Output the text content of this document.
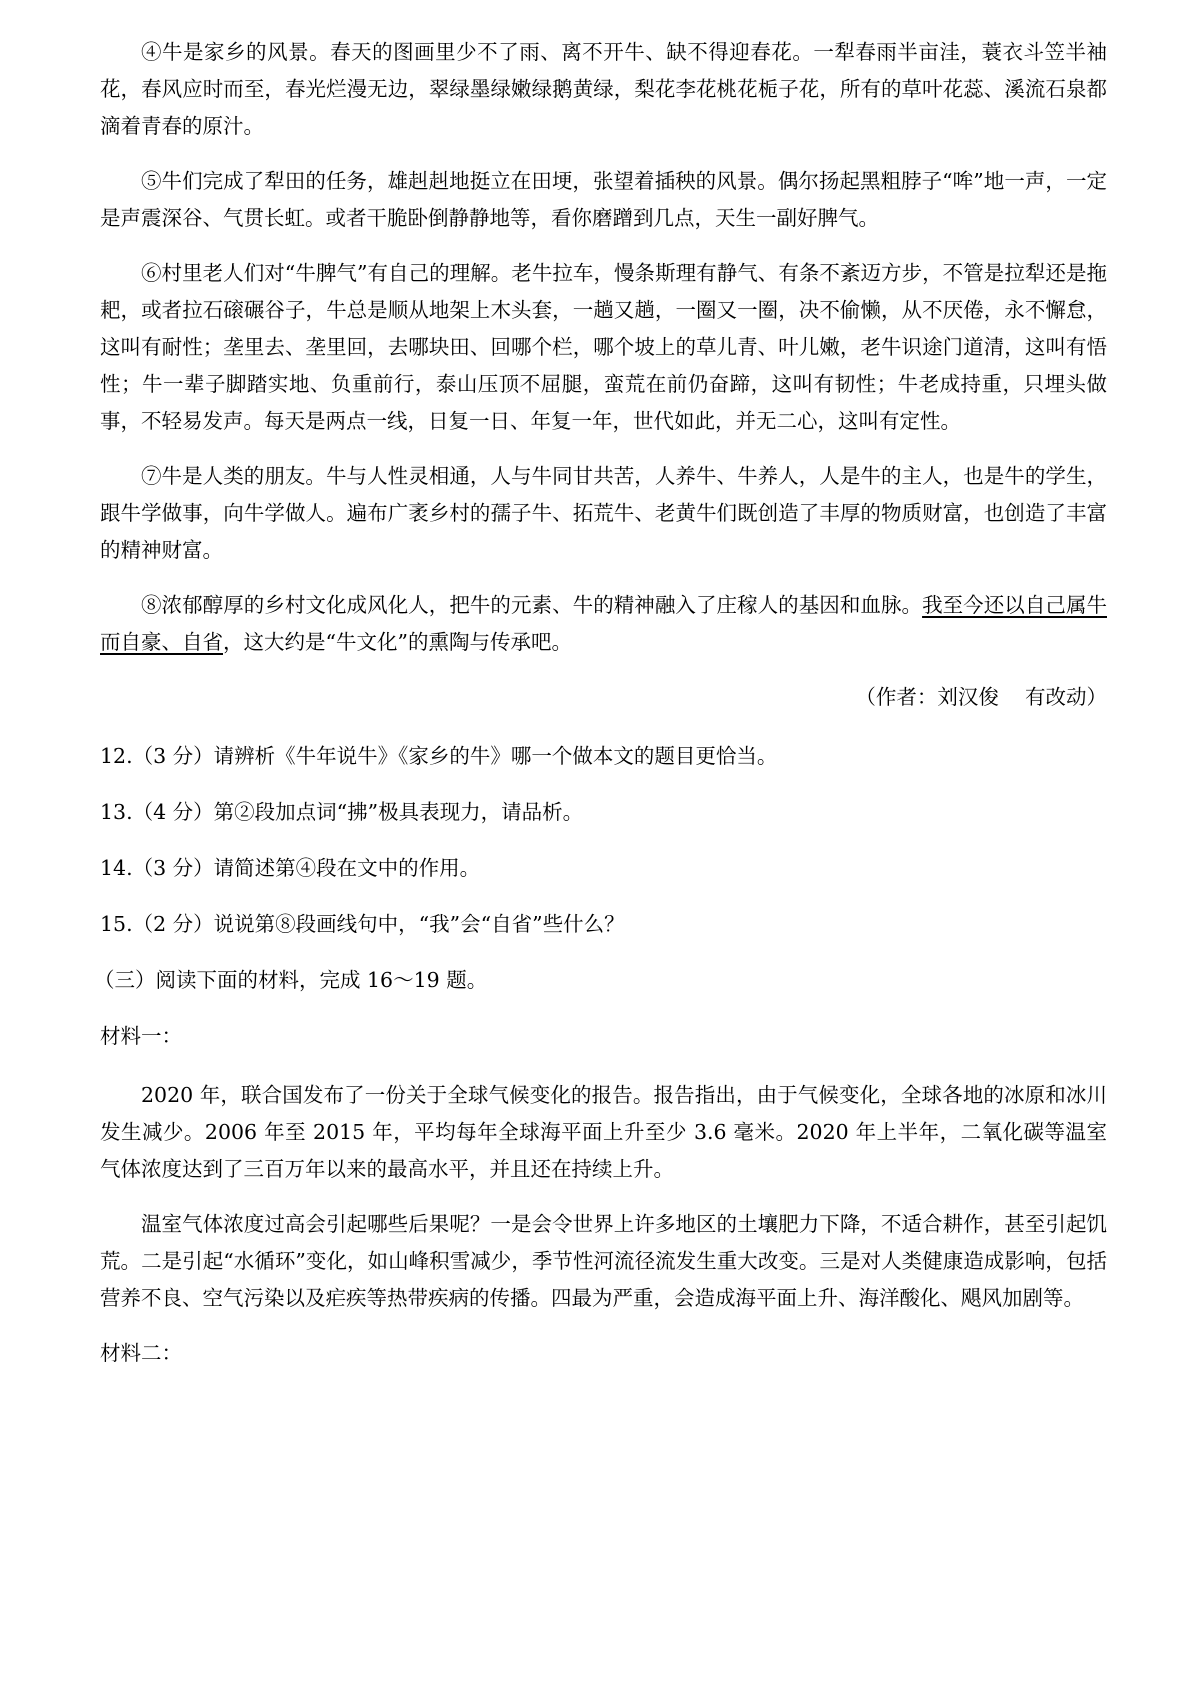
④牛是家乡的风景。春天的图画里少不了雨、离不开牛、缺不得迎春花。一犁春雨半亩洼，蓑衣斗笠半袖花，春风应时而至，春光烂漫无边，翠绿墨绿嫩绿鹅黄绿，梨花李花桃花栀子花，所有的草叶花蕊、溪流石泉都滴着青春的原汁。

⑤牛们完成了犁田的任务，雄赳赳地挺立在田埂，张望着插秧的风景。偶尔扬起黑粗脖子“哞”地一声，一定是声震深谷、气贯长虹。或者干脆卧倒静静地等，看你磨蹭到几点，天生一副好脾气。

⑥村里老人们对“牛脾气”有自己的理解。老牛拉车，慢条斯理有静气、有条不紊迈方步，不管是拉犁还是拖耙，或者拉石磙碾谷子，牛总是顺从地架上木头套，一趟又趟，一圈又一圈，决不偷懒，从不厌倦，永不懈怠，这叫有耐性；垄里去、垄里回，去哪块田、回哪个栏，哪个坡上的草儿青、叶儿嫩，老牛识途门道清，这叫有悟性；牛一辈子脚踏实地、负重前行，泰山压顶不屈腿，蛮荒在前仍奋蹄，这叫有韧性；牛老成持重，只埋头做事，不轻易发声。每天是两点一线，日复一日、年复一年，世代如此，并无二心，这叫有定性。

⑦牛是人类的朋友。牛与人性灵相通，人与牛同甘共苦，人养牛、牛养人，人是牛的主人，也是牛的学生，跟牛学做事，向牛学做人。遍布广袤乡村的孺子牛、拓荒牛、老黄牛们既创造了丰厚的物质财富，也创造了丰富的精神财富。

⑧浓郁醇厚的乡村文化成风化人，把牛的元素、牛的精神融入了庄稼人的基因和血脉。我至今还以自己属牛而自豪、自省，这大约是“牛文化”的熏陶与传承吧。

（作者：刘汉俊    有改动）
12.（3 分）请辨析《牛年说牛》《家乡的牛》哪一个做本文的题目更恰当。
13.（4 分）第②段加点词“拂”极具表现力，请品析。
14.（3 分）请简述第④段在文中的作用。
15.（2 分）说说第⑧段画线句中，“我”会“自省”些什么？
（三）阅读下面的材料，完成 16～19 题。
材料一：

2020 年，联合国发布了一份关于全球气候变化的报告。报告指出，由于气候变化，全球各地的冰原和冰川发生减少。2006 年至 2015 年，平均每年全球海平面上升至少 3.6 毫米。2020 年上半年，二氧化碳等温室气体浓度达到了三百万年以来的最高水平，并且还在持续上升。

温室气体浓度过高会引起哪些后果呢？一是会令世界上许多地区的土壤肥力下降，不适合耕作，甚至引起饥荒。二是引起“水循环”变化，如山峰积雪减少，季节性河流径流发生重大改变。三是对人类健康造成影响，包括营养不良、空气污染以及疟疾等热带疾病的传播。四最为严重，会造成海平面上升、海洋酸化、飓风加剧等。

材料二：
